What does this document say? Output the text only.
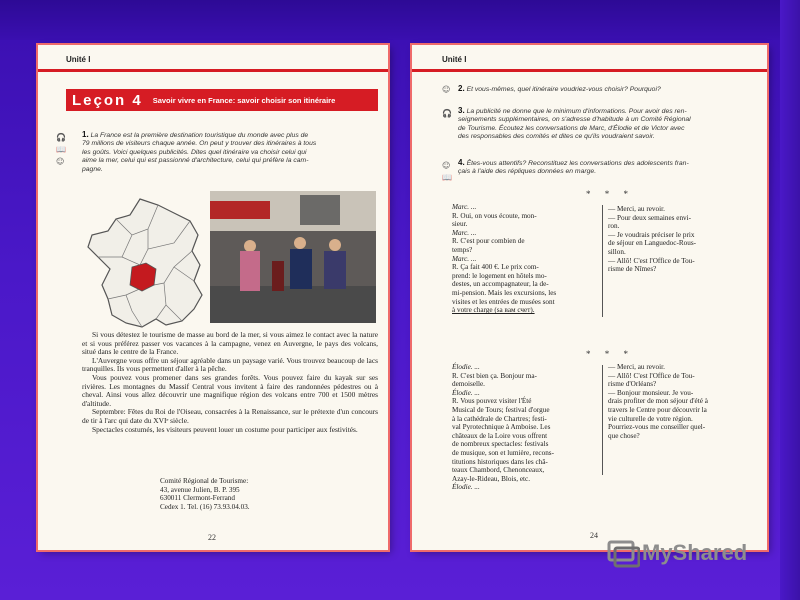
Unité I
Leçon 4	Savoir vivre en France: savoir choisir son itinéraire
🎧
📖
☺
1. La France est la première destination touristique du monde avec plus de
79 millions de visiteurs chaque année. On peut y trouver des itinéraires à tous
les goûts. Voici quelques publicités. Dites quel itinéraire va choisir celui qui
aime la mer, celui qui est passionné d'architecture, celui qui préfère la cam-
pagne.

Si vous détestez le tourisme de masse au bord de la mer, si vous aimez le contact avec la nature et si vous préférez passer vos vacances à la campagne, venez en Auvergne, le pays des volcans, situé dans le centre de la France.

L'Auvergne vous offre un séjour agréable dans un paysage varié. Vous trouvez beaucoup de lacs tranquilles. Ils vous permettent d'aller à la pêche.

Vous pouvez vous promener dans ses grandes forêts. Vous pouvez faire du kayak sur ses rivières. Les montagnes du Massif Central vous invitent à faire des randonnées pédestres ou à cheval. Ainsi vous allez découvrir une magnifique région des volcans entre 700 et 1500 mètres d'altitude.

Septembre: Fêtes du Roi de l'Oiseau, consacrées à la Renaissance, sur le prétexte d'un concours de tir à l'arc qui date du XVIᵉ siècle.

Spectacles costumés, les visiteurs peuvent louer un costume pour participer aux festivités.

Comité Régional de Tourisme:
43, avenue Julien, B. P. 395
630011 Clermont-Ferrand
Cedex 1. Tel. (16) 73.93.04.03.
22
Unité I
☺ 2. Et vous-mêmes, quel itinéraire voudriez-vous choisir? Pourquoi?
🎧 3. La publicité ne donne que le minimum d'informations. Pour avoir des ren-
seignements supplémentaires, on s'adresse d'habitude à un Comité Régional
de Tourisme. Écoutez les conversations de Marc, d'Élodie et de Victor avec
des responsables des comités et dites ce qu'ils voudraient savoir.
☺
📖
4. Êtes-vous attentifs? Reconstituez les conversations des adolescents fran-
çais à l'aide des répliques données en marge.
* * *
Marc. ...
R. Oui, on vous écoute, mon-
sieur.
Marc. ...
R. C'est pour combien de
temps?
Marc. ...
R. Ça fait 400 €. Le prix com-
prend: le logement en hôtels mo-
destes, un accompagnateur, la de-
mi-pension. Mais les excursions, les
visites et les entrées de musées sont
à votre charge (sa вам счет).
— Merci, au revoir.
— Pour deux semaines envi-
ron.
— Je voudrais préciser le prix
de séjour en Languedoc-Rous-
sillon.
— Allô! C'est l'Office de Tou-
risme de Nîmes?
* * *
Élodie. ...
R. C'est bien ça. Bonjour ma-
demoiselle.
Élodie. ...
R. Vous pouvez visiter l'Été
Musical de Tours; festival d'orgue
à la cathédrale de Chartres; festi-
val Pyrotechnique à Amboise. Les
châteaux de la Loire vous offrent
de nombreux spectacles: festivals
de musique, son et lumière, recons-
titutions historiques dans les châ-
teaux Chambord, Chenonceaux,
Azay-le-Rideau, Blois, etc.
Élodie. ...
— Merci, au revoir.
— Allô! C'est l'Office de Tou-
risme d'Orléans?
— Bonjour monsieur. Je vou-
drais profiter de mon séjour d'été à
travers le Centre pour découvrir la
vie culturelle de votre région.
Pourriez-vous me conseiller quel-
que chose?
24
MyShared
